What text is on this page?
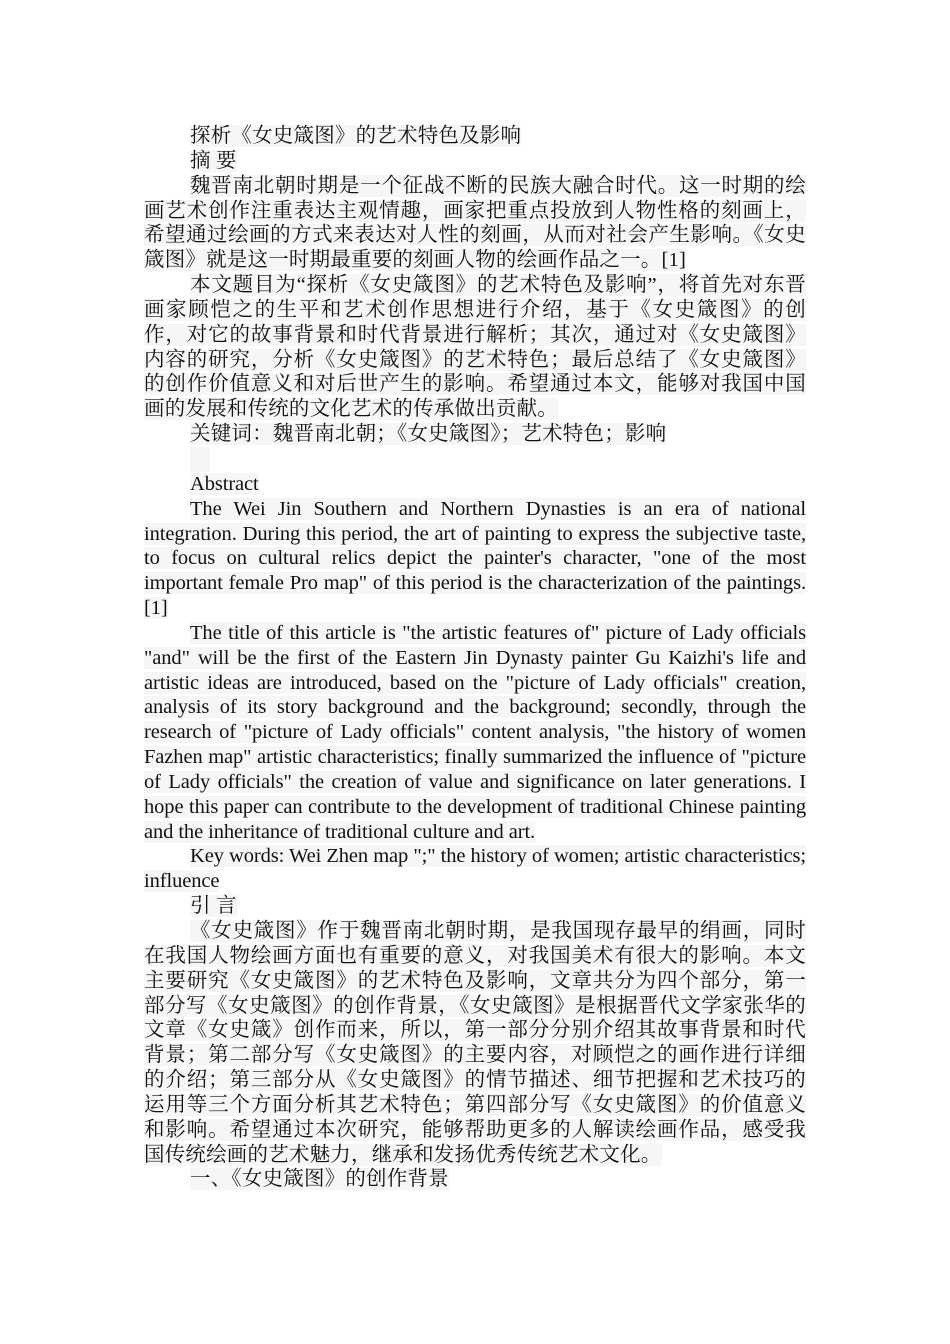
探析《女史箴图》的艺术特色及影响

摘 要

魏晋南北朝时期是一个征战不断的民族大融合时代。这一时期的绘画艺术创作注重表达主观情趣，画家把重点投放到人物性格的刻画上，希望通过绘画的方式来表达对人性的刻画，从而对社会产生影响。《女史箴图》就是这一时期最重要的刻画人物的绘画作品之一。[1]

本文题目为“探析《女史箴图》的艺术特色及影响”，将首先对东晋画家顾恺之的生平和艺术创作思想进行介绍，基于《女史箴图》的创作，对它的故事背景和时代背景进行解析；其次，通过对《女史箴图》内容的研究，分析《女史箴图》的艺术特色；最后总结了《女史箴图》的创作价值意义和对后世产生的影响。希望通过本文，能够对我国中国画的发展和传统的文化艺术的传承做出贡献。

关键词：魏晋南北朝；《女史箴图》；艺术特色；影响

Abstract

The Wei Jin Southern and Northern Dynasties is an era of national integration. During this period, the art of painting to express the subjective taste, to focus on cultural relics depict the painter's character, "one of the most important female Pro map" of this period is the characterization of the paintings. [1]

The title of this article is "the artistic features of" picture of Lady officials "and" will be the first of the Eastern Jin Dynasty painter Gu Kaizhi's life and artistic ideas are introduced, based on the "picture of Lady officials" creation, analysis of its story background and the background; secondly, through the research of "picture of Lady officials" content analysis, "the history of women Fazhen map" artistic characteristics; finally summarized the influence of "picture of Lady officials" the creation of value and significance on later generations. I hope this paper can contribute to the development of traditional Chinese painting and the inheritance of traditional culture and art.

Key words: Wei Zhen map ";" the history of women; artistic characteristics; influence

引 言

《女史箴图》作于魏晋南北朝时期，是我国现存最早的绢画，同时在我国人物绘画方面也有重要的意义，对我国美术有很大的影响。本文主要研究《女史箴图》的艺术特色及影响，文章共分为四个部分，第一部分写《女史箴图》的创作背景，《女史箴图》是根据晋代文学家张华的文章《女史箴》创作而来，所以，第一部分分别介绍其故事背景和时代背景；第二部分写《女史箴图》的主要内容，对顾恺之的画作进行详细的介绍；第三部分从《女史箴图》的情节描述、细节把握和艺术技巧的运用等三个方面分析其艺术特色；第四部分写《女史箴图》的价值意义和影响。希望通过本次研究，能够帮助更多的人解读绘画作品，感受我国传统绘画的艺术魅力，继承和发扬优秀传统艺术文化。

一、《女史箴图》的创作背景
